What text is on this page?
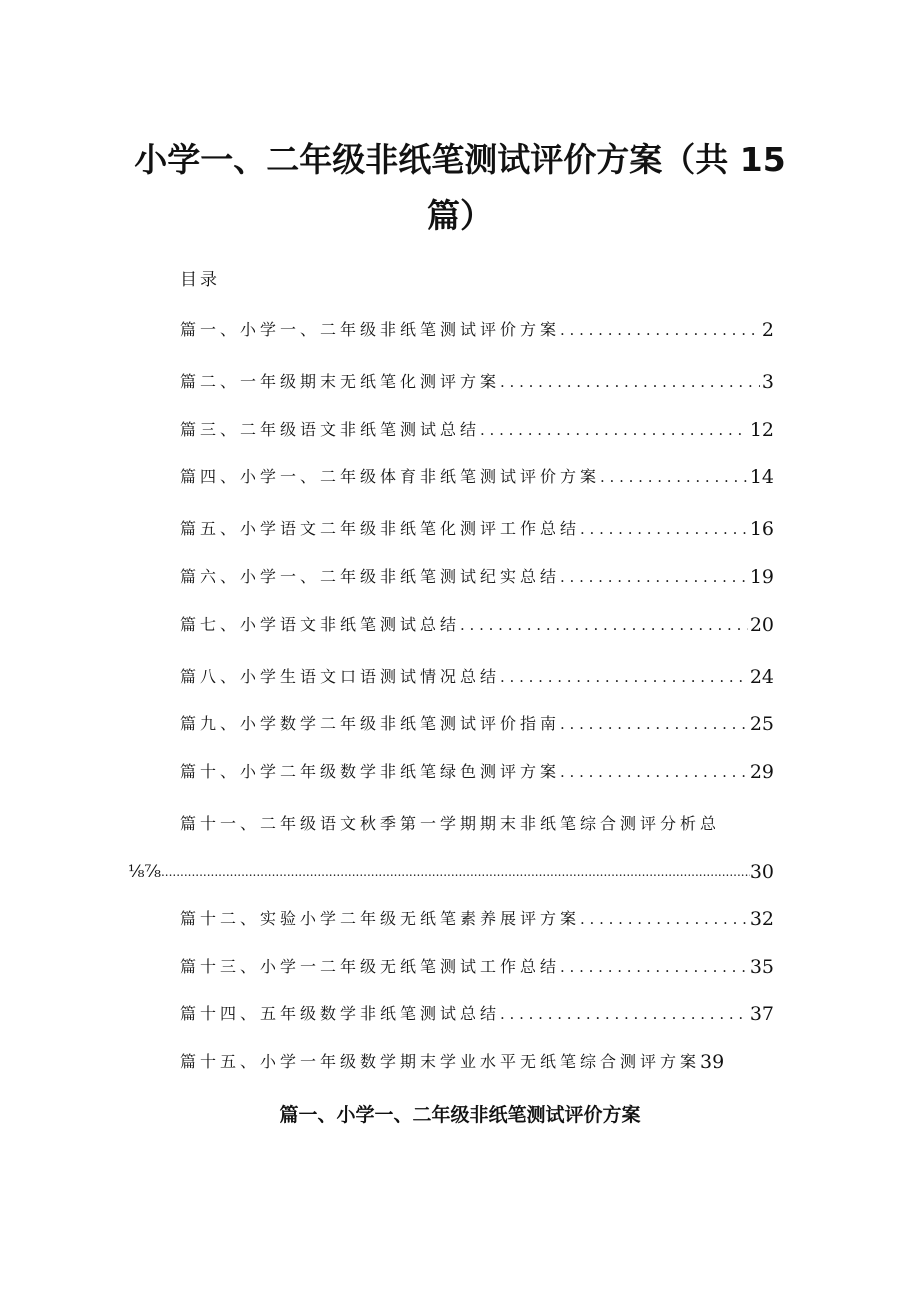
小学一、二年级非纸笔测试评价方案（共 15
篇）
目录
篇一、小学一、二年级非纸笔测试评价方案 . . .	2
篇二、一年级期末无纸笔化测评方案 . . .	3
篇三、二年级语文非纸笔测试总结 . . .	12
篇四、小学一、二年级体育非纸笔测试评价方案 . . .	14
篇五、小学语文二年级非纸笔化测评工作总结 . . .	16
篇六、小学一、二年级非纸笔测试纪实总结 . . .	19
篇七、小学语文非纸笔测试总结 . . .	20
篇八、小学生语文口语测试情况总结 . . .	24
篇九、小学数学二年级非纸笔测试评价指南 . . .	25
篇十、小学二年级数学非纸笔绿色测评方案 . . .	29
篇十一、二年级语文秋季第一学期期末非纸笔综合测评分析总
⅛⅞ .....	30
篇十二、实验小学二年级无纸笔素养展评方案 . . .	32
篇十三、小学一二年级无纸笔测试工作总结 . . .	35
篇十四、五年级数学非纸笔测试总结 . . .	37
篇十五、小学一年级数学期末学业水平无纸笔综合测评方案 39
篇一、小学一、二年级非纸笔测试评价方案
